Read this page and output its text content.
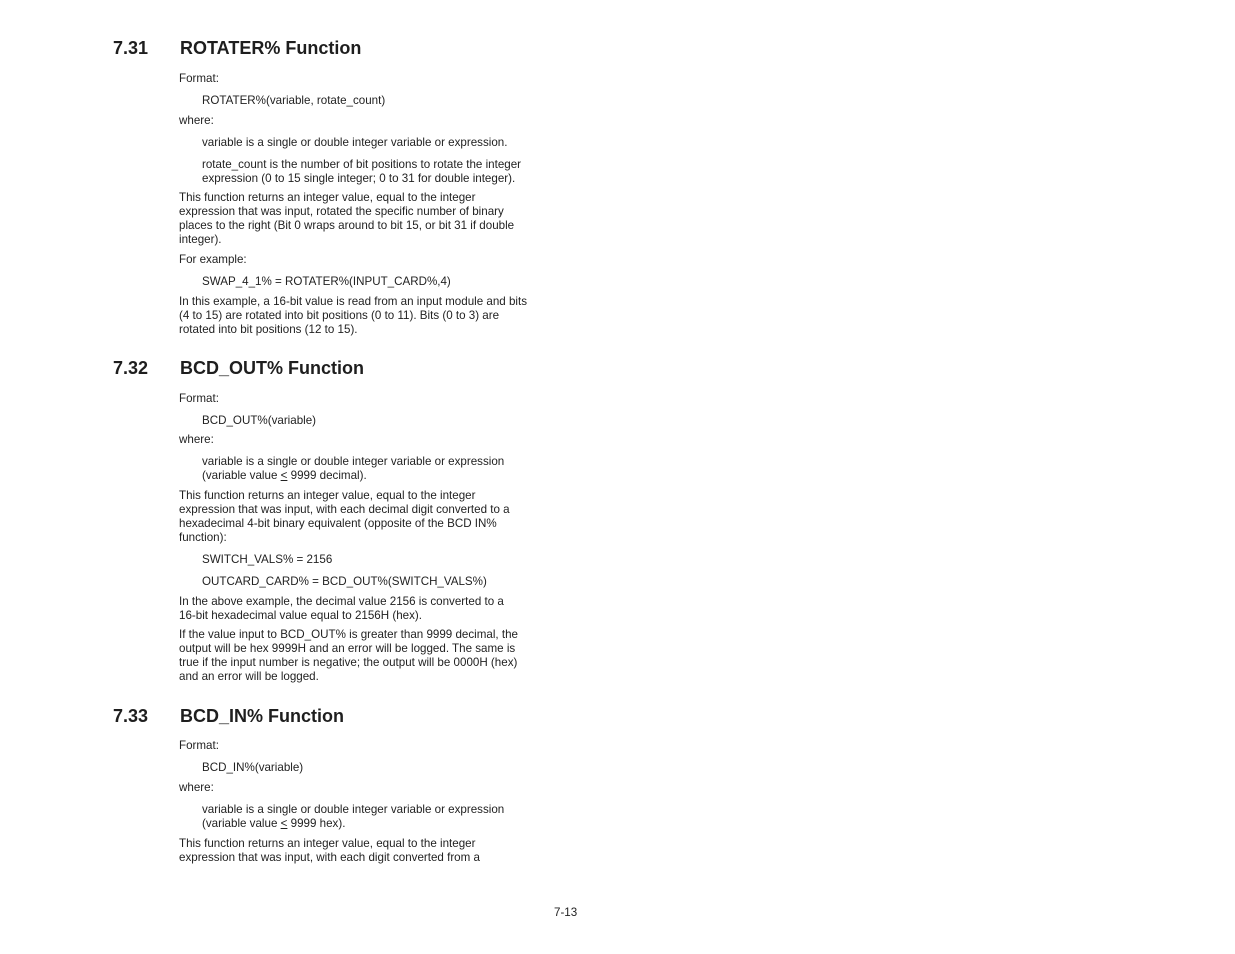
7.31 ROTATER% Function

Format:

ROTATER%(variable, rotate_count)

where:

variable is a single or double integer variable or expression.

rotate_count is the number of bit positions to rotate the integer
expression (0 to 15 single integer; 0 to 31 for double integer).

This function returns an integer value, equal to the integer
expression that was input, rotated the specific number of binary
places to the right (Bit 0 wraps around to bit 15, or bit 31 if double
integer).

For example:

SWAP_4_1% = ROTATER%(INPUT_CARD%,4)

In this example, a 16-bit value is read from an input module and bits
(4 to 15) are rotated into bit positions (0 to 11). Bits (0 to 3) are
rotated into bit positions (12 to 15).

7.32 BCD_OUT% Function

Format:

BCD_OUT%(variable)

where:

variable is a single or double integer variable or expression
(variable value ≤ 9999 decimal).

This function returns an integer value, equal to the integer
expression that was input, with each decimal digit converted to a
hexadecimal 4-bit binary equivalent (opposite of the BCD IN%
function):

SWITCH_VALS% = 2156

OUTCARD_CARD% = BCD_OUT%(SWITCH_VALS%)

In the above example, the decimal value 2156 is converted to a
16-bit hexadecimal value equal to 2156H (hex).

If the value input to BCD_OUT% is greater than 9999 decimal, the
output will be hex 9999H and an error will be logged. The same is
true if the input number is negative; the output will be 0000H (hex)
and an error will be logged.

7.33 BCD_IN% Function

Format:

BCD_IN%(variable)

where:

variable is a single or double integer variable or expression
(variable value ≤ 9999 hex).

This function returns an integer value, equal to the integer
expression that was input, with each digit converted from a

7-13
